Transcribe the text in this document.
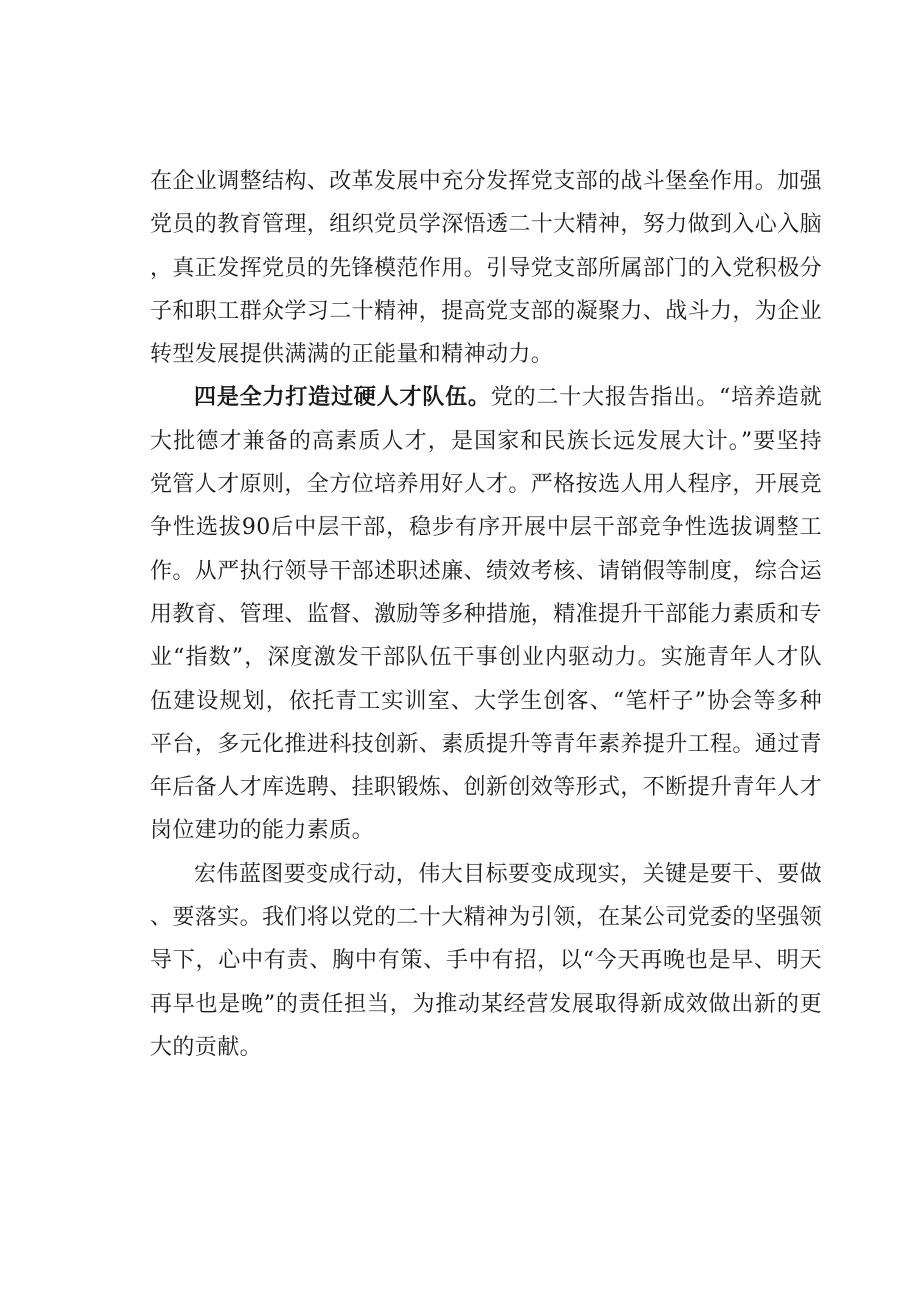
在企业调整结构、改革发展中充分发挥党支部的战斗堡垒作用。加强党员的教育管理，组织党员学深悟透二十大精神，努力做到入心入脑，真正发挥党员的先锋模范作用。引导党支部所属部门的入党积极分子和职工群众学习二十精神，提高党支部的凝聚力、战斗力，为企业转型发展提供满满的正能量和精神动力。

四是全力打造过硬人才队伍。党的二十大报告指出。“培养造就大批德才兼备的高素质人才，是国家和民族长远发展大计。”要坚持党管人才原则，全方位培养用好人才。严格按选人用人程序，开展竞争性选拔90后中层干部，稳步有序开展中层干部竞争性选拔调整工作。从严执行领导干部述职述廉、绩效考核、请销假等制度，综合运用教育、管理、监督、激励等多种措施，精准提升干部能力素质和专业“指数”，深度激发干部队伍干事创业内驱动力。实施青年人才队伍建设规划，依托青工实训室、大学生创客、“笔杆子”协会等多种平台，多元化推进科技创新、素质提升等青年素养提升工程。通过青年后备人才库选聘、挂职锻炼、创新创效等形式，不断提升青年人才岗位建功的能力素质。

宏伟蓝图要变成行动，伟大目标要变成现实，关键是要干、要做、要落实。我们将以党的二十大精神为引领，在某公司党委的坚强领导下，心中有责、胸中有策、手中有招，以“今天再晚也是早、明天再早也是晚”的责任担当，为推动某经营发展取得新成效做出新的更大的贡献。
